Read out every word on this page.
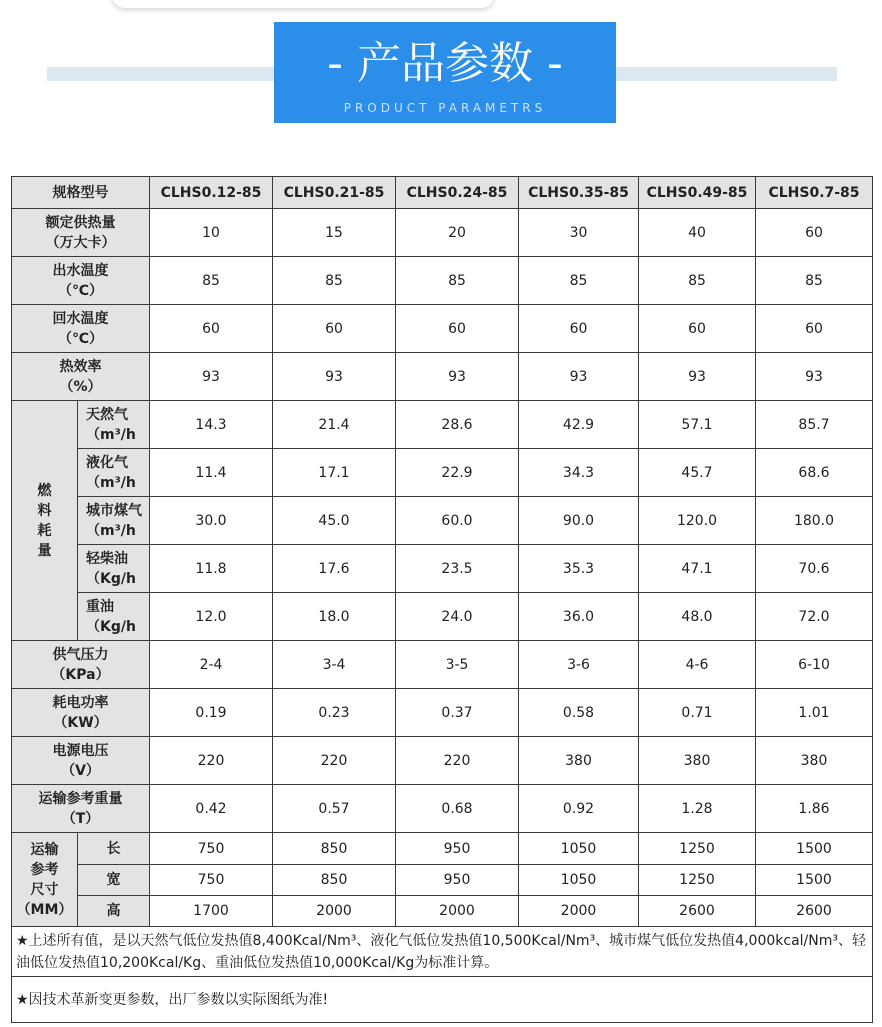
- 产品参数 -
PRODUCT PARAMETRS
规格型号		CLHS0.12-85	CLHS0.21-85	CLHS0.24-85	CLHS0.35-85	CLHS0.49-85	CLHS0.7-85
额定供热量
（万大卡）		10	15	20	30	40	60
出水温度
（℃）		85	85	85	85	85	85
回水温度
（℃）		60	60	60	60	60	60
热效率
（%）		93	93	93	93	93	93
燃
料
耗
量	天然气
（m³/h	14.3	21.4	28.6	42.9	57.1	85.7
	液化气
（m³/h	11.4	17.1	22.9	34.3	45.7	68.6
	城市煤气
（m³/h	30.0	45.0	60.0	90.0	120.0	180.0
	轻柴油
（Kg/h	11.8	17.6	23.5	35.3	47.1	70.6
	重油
（Kg/h	12.0	18.0	24.0	36.0	48.0	72.0
供气压力
（KPa）		2-4	3-4	3-5	3-6	4-6	6-10
耗电功率
（KW）		0.19	0.23	0.37	0.58	0.71	1.01
电源电压
（V）		220	220	220	380	380	380
运输参考重量
（T）		0.42	0.57	0.68	0.92	1.28	1.86
运输
参考
尺寸
（MM）	长	750	850	950	1050	1250	1500
	宽	750	850	950	1050	1250	1500
	高	1700	2000	2000	2000	2600	2600
★上述所有值，是以天然气低位发热值8,400Kcal/Nm³、液化气低位发热值10,500Kcal/Nm³、城市煤气低位发热值4,000kcal/Nm³、轻油低位发热值10,200Kcal/Kg、重油低位发热值10,000Kcal/Kg为标准计算。							
★因技术革新变更参数，出厂参数以实际图纸为准!							
